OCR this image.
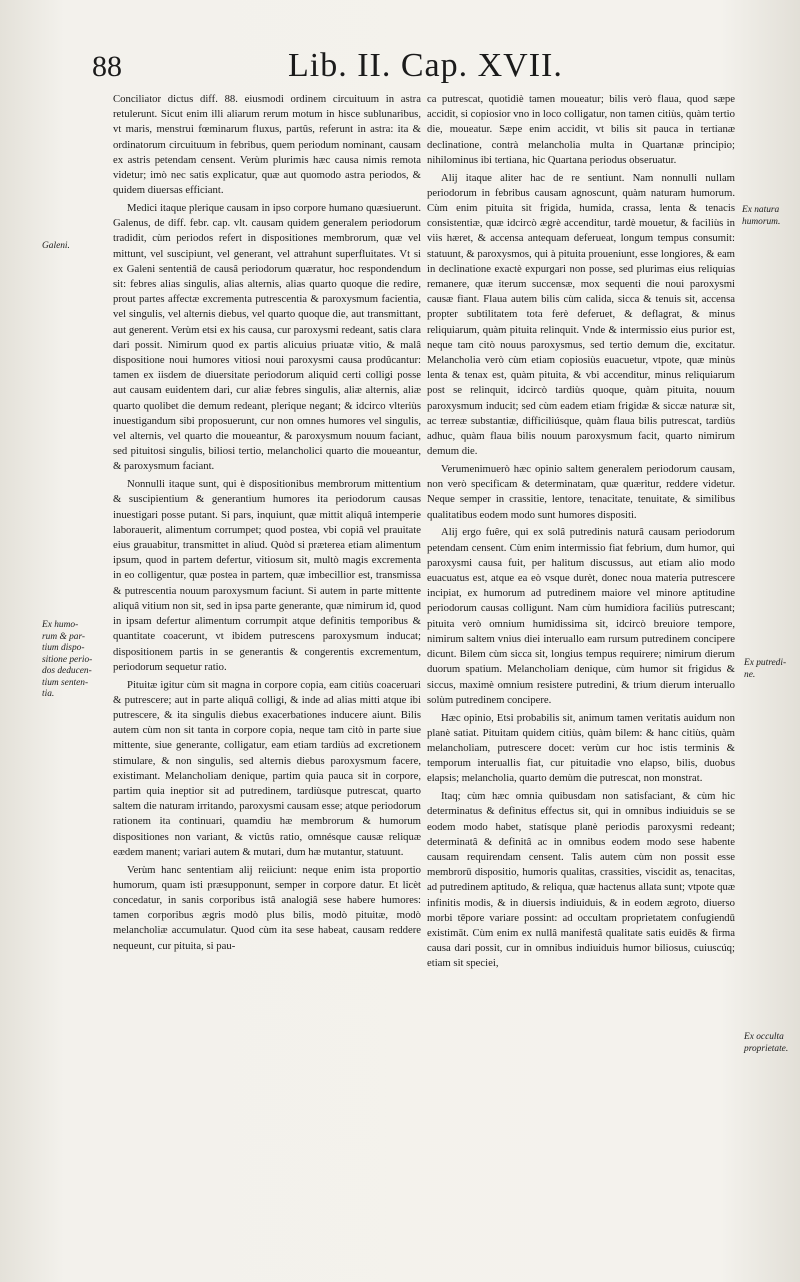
88	Lib. II. Cap. XVII.
Galeni.
Ex humo-
rum & par-
tium dispo-
sitione perio-
dos deducen-
tium senten-
tia.
Ex natura
humorum.
Ex putredi-
ne.
Ex occulta
proprietate.

Conciliator dictus diff. 88. eiusmodi ordinem circuituum in astra retulerunt. Sicut enim illi aliarum rerum motum in hisce sublunaribus, vt maris, menstrui fœminarum fluxus, partûs, referunt in astra: ita & ordinatorum circuituum in febribus, quem periodum nominant, causam ex astris petendam censent. Verùm plurimis hæc causa nimis remota videtur; imò nec satis explicatur, quæ aut quomodo astra periodos, & quidem diuersas efficiant.

Medici itaque plerique causam in ipso corpore humano quæsiuerunt. Galenus, de diff. febr. cap. vlt. causam quidem generalem periodorum tradidit, cùm periodos refert in dispositiones membrorum, quæ vel mittunt, vel suscipiunt, vel generant, vel attrahunt superfluitates. Vt si ex Galeni sententiâ de causâ periodorum quæratur, hoc respondendum sit: febres alias singulis, alias alternis, alias quarto quoque die redire, prout partes affectæ excrementa putrescentia & paroxysmum facientia, vel singulis, vel alternis diebus, vel quarto quoque die, aut transmittant, aut generent. Verùm etsi ex his causa, cur paroxysmi redeant, satis clara dari possit. Nimirum quod ex partis alicuius priuatæ vitio, & malâ dispositione noui humores vitiosi noui paroxysmi causa prodûcantur: tamen ex iisdem de diuersitate periodorum aliquid certi colligi posse aut causam euidentem dari, cur aliæ febres singulis, aliæ alternis, aliæ quarto quolibet die demum redeant, plerique negant; & idcirco vlteriùs inuestigandum sibi proposuerunt, cur non omnes humores vel singulis, vel alternis, vel quarto die moueantur, & paroxysmum nouum faciant, sed pituitosi singulis, biliosi tertio, melancholici quarto die moueantur, & paroxysmum faciant.

Nonnulli itaque sunt, qui è dispositionibus membrorum mittentium & suscipientium & generantium humores ita periodorum causas inuestigari posse putant. Si pars, inquiunt, quæ mittit aliquâ intemperie laborauerit, alimentum corrumpet; quod postea, vbi copiâ vel prauitate eius grauabitur, transmittet in aliud. Quòd si præterea etiam alimentum ipsum, quod in partem defertur, vitiosum sit, multò magis excrementa in eo colligentur, quæ postea in partem, quæ imbecillior est, transmissa & putrescentia nouum paroxysmum faciunt. Si autem in parte mittente aliquâ vitium non sit, sed in ipsa parte generante, quæ nimirum id, quod in ipsam defertur alimentum corrumpit atque definitis temporibus & quantitate coacerunt, vt ibidem putrescens paroxysmum inducat; dispositionem partis in se generantis & congerentis excrementum, periodorum sequetur ratio.

Pituitæ igitur cùm sit magna in corpore copia, eam citiùs coaceruari & putrescere; aut in parte aliquâ colligi, & inde ad alias mitti atque ibi putrescere, & ita singulis diebus exacerbationes inducere aiunt. Bilis autem cùm non sit tanta in corpore copia, neque tam citò in parte siue mittente, siue generante, colligatur, eam etiam tardiùs ad excretionem stimulare, & non singulis, sed alternis diebus paroxysmum facere, existimant. Melancholiam denique, partim quia pauca sit in corpore, partim quia ineptior sit ad putredinem, tardiùsque putrescat, quarto saltem die naturam irritando, paroxysmi causam esse; atque periodorum rationem ita continuari, quamdiu hæ membrorum & humorum dispositiones non variant, & victûs ratio, omnésque causæ reliquæ eædem manent; variari autem & mutari, dum hæ mutantur, statuunt.

Verùm hanc sententiam alij reiiciunt: neque enim ista proportio humorum, quam isti præsupponunt, semper in corpore datur. Et licèt concedatur, in sanis corporibus istâ analogiâ sese habere humores: tamen corporibus ægris modò plus bilis, modò pituitæ, modò melancholiæ accumulatur. Quod cùm ita sese habeat, causam reddere nequeunt, cur pituita, si pau-

ca putrescat, quotidiè tamen moueatur; bilis verò flaua, quod sæpe accidit, si copiosior vno in loco colligatur, non tamen citiùs, quàm tertio die, moueatur. Sæpe enim accidit, vt bilis sit pauca in tertianæ declinatione, contrà melancholia multa in Quartanæ principio; nihilominus ibi tertiana, hic Quartana periodus obseruatur.

Alij itaque aliter hac de re sentiunt. Nam nonnulli nullam periodorum in febribus causam agnoscunt, quàm naturam humorum. Cùm enim pituita sit frigida, humida, crassa, lenta & tenacis consistentiæ, quæ idcircò ægrè accenditur, tardè mouetur, & faciliùs in viis hæret, & accensa antequam deferueat, longum tempus consumit: statuunt, & paroxysmos, qui à pituita proueniunt, esse longiores, & eam in declinatione exactè expurgari non posse, sed plurimas eius reliquias remanere, quæ iterum succensæ, mox sequenti die noui paroxysmi causæ fiant. Flaua autem bilis cùm calida, sicca & tenuis sit, accensa propter subtilitatem tota ferè deferuet, & deflagrat, & minus reliquiarum, quàm pituita relinquit. Vnde & intermissio eius purior est, neque tam citò nouus paroxysmus, sed tertio demum die, excitatur. Melancholia verò cùm etiam copiosiùs euacuetur, vtpote, quæ minùs lenta & tenax est, quàm pituita, & vbi accenditur, minus reliquiarum post se relinquit, idcircò tardiùs quoque, quàm pituita, nouum paroxysmum inducit; sed cùm eadem etiam frigidæ & siccæ naturæ sit, ac terreæ substantiæ, difficiliúsque, quàm flaua bilis putrescat, tardiùs adhuc, quàm flaua bilis nouum paroxysmum facit, quarto nimirum demum die.

Verumenimuerò hæc opinio saltem generalem periodorum causam, non verò specificam & determinatam, quæ quæritur, reddere videtur. Neque semper in crassitie, lentore, tenacitate, tenuitate, & similibus qualitatibus eodem modo sunt humores dispositi.

Alij ergo fuêre, qui ex solâ putredinis naturâ causam periodorum petendam censent. Cùm enim intermissio fiat febrium, dum humor, qui paroxysmi causa fuit, per halitum discussus, aut etiam alio modo euacuatus est, atque ea eò vsque durèt, donec noua materia putrescere incipiat, ex humorum ad putredinem maiore vel minore aptitudine periodorum causas colligunt. Nam cùm humidiora faciliùs putrescant; pituita verò omnium humidissima sit, idcircò breuiore tempore, nimirum saltem vnius diei interuallo eam rursum putredinem concipere dicunt. Bilem cùm sicca sit, longius tempus requirere; nimirum dierum duorum spatium. Melancholiam denique, cùm humor sit frigidus & siccus, maximè omnium resistere putredini, & trium dierum interuallo solùm putredinem concipere.

Hæc opinio, Etsi probabilis sit, animum tamen veritatis auidum non planè satiat. Pituitam quidem citiùs, quàm bilem: & hanc citiùs, quàm melancholiam, putrescere docet: verùm cur hoc istis terminis & temporum interuallis fiat, cur pituitadie vno elapso, bilis, duobus elapsis; melancholia, quarto demùm die putrescat, non monstrat.

Itaq; cùm hæc omnia quibusdam non satisfaciant, & cùm hic determinatus & definitus effectus sit, qui in omnibus indiuiduis se se eodem modo habet, statísque planè periodis paroxysmi redeant; determinatâ & definitâ ac in omnibus eodem modo sese habente causam requirendam censent. Talis autem cùm non possit esse membrorū dispositio, humoris qualitas, crassities, viscidit as, tenacitas, ad putredinem aptitudo, & reliqua, quæ hactenus allata sunt; vtpote quæ infinitis modis, & in diuersis indiuiduis, & in eodem ægroto, diuerso morbi tēpore variare possint: ad occultam proprietatem confugiendū existimāt. Cùm enim ex nullâ manifestâ qualitate satis euidēs & firma causa dari possit, cur in omnibus indiuiduis humor biliosus, cuiuscúq; etiam sit speciei,
